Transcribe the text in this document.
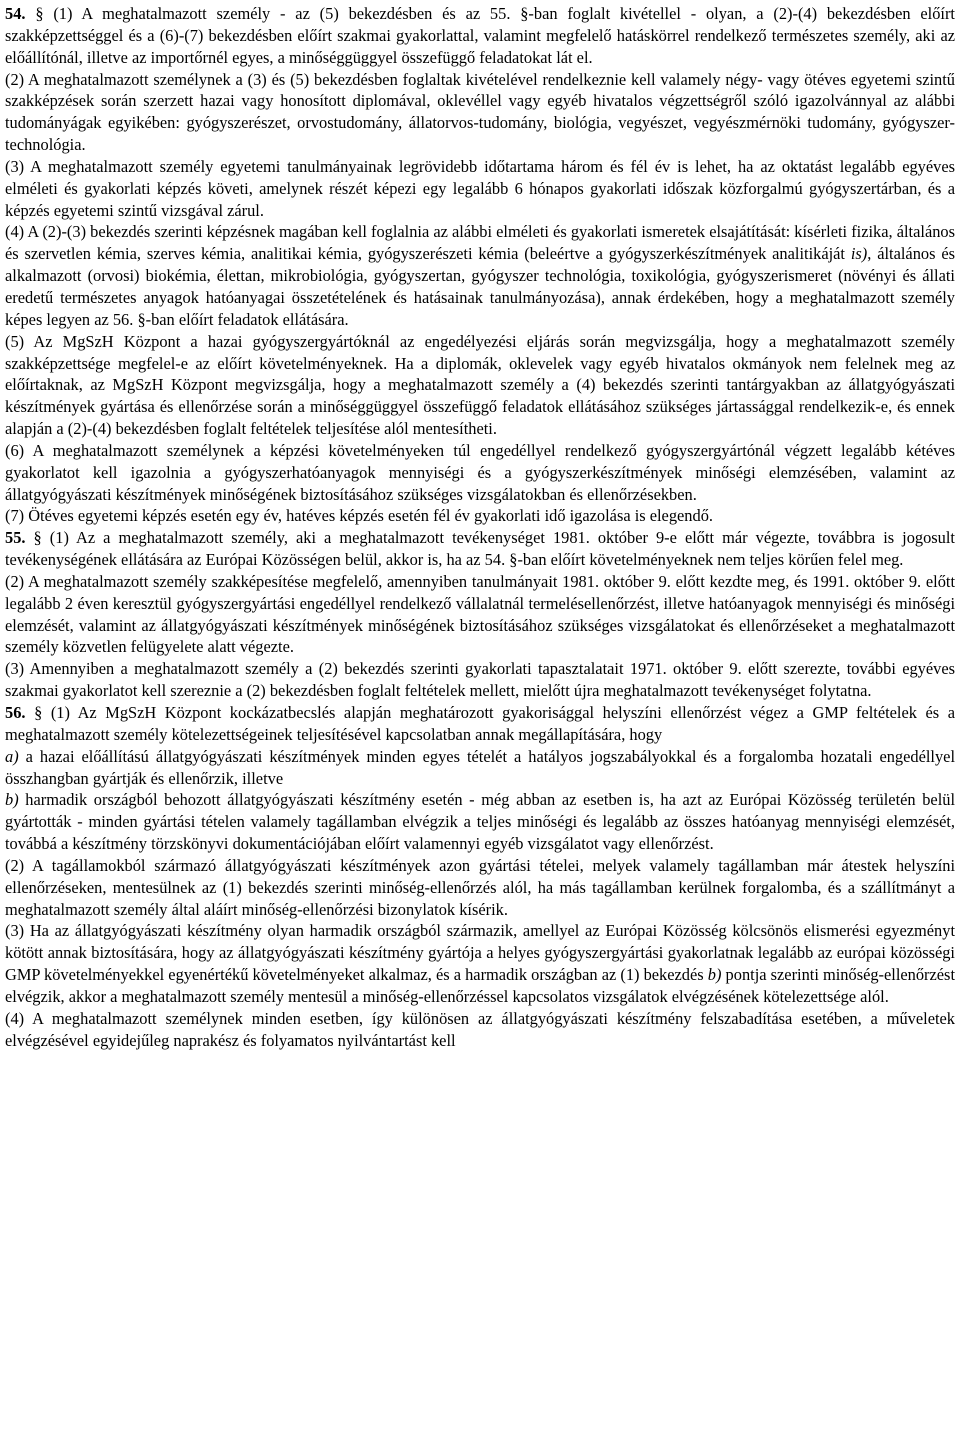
54. § (1) A meghatalmazott személy - az (5) bekezdésben és az 55. §-ban foglalt kivétellel - olyan, a (2)-(4) bekezdésben előírt szakképzettséggel és a (6)-(7) bekezdésben előírt szakmai gyakorlattal, valamint megfelelő hatáskörrel rendelkező természetes személy, aki az előállítónál, illetve az importőrnél egyes, a minőséggüggyel összefüggő feladatokat lát el.

(2) A meghatalmazott személynek a (3) és (5) bekezdésben foglaltak kivételével rendelkeznie kell valamely négy- vagy ötéves egyetemi szintű szakképzések során szerzett hazai vagy honosított diplomával, oklevéllel vagy egyéb hivatalos végzettségről szóló igazolvánnyal az alábbi tudományágak egyikében: gyógyszerészet, orvostudomány, állatorvos-tudomány, biológia, vegyészet, vegyészmérnöki tudomány, gyógyszer-technológia.

(3) A meghatalmazott személy egyetemi tanulmányainak legrövidebb időtartama három és fél év is lehet, ha az oktatást legalább egyéves elméleti és gyakorlati képzés követi, amelynek részét képezi egy legalább 6 hónapos gyakorlati időszak közforgalmú gyógyszertárban, és a képzés egyetemi szintű vizsgával zárul.

(4) A (2)-(3) bekezdés szerinti képzésnek magában kell foglalnia az alábbi elméleti és gyakorlati ismeretek elsajátítását: kísérleti fizika, általános és szervetlen kémia, szerves kémia, analitikai kémia, gyógyszerészeti kémia (beleértve a gyógyszerkészítmények analitikáját is), általános és alkalmazott (orvosi) biokémia, élettan, mikrobiológia, gyógyszertan, gyógyszer technológia, toxikológia, gyógyszerismeret (növényi és állati eredetű természetes anyagok hatóanyagai összetételének és hatásainak tanulmányozása), annak érdekében, hogy a meghatalmazott személy képes legyen az 56. §-ban előírt feladatok ellátására.

(5) Az MgSzH Központ a hazai gyógyszergyártóknál az engedélyezési eljárás során megvizsgálja, hogy a meghatalmazott személy szakképzettsége megfelel-e az előírt követelményeknek. Ha a diplomák, oklevelek vagy egyéb hivatalos okmányok nem felelnek meg az előírtaknak, az MgSzH Központ megvizsgálja, hogy a meghatalmazott személy a (4) bekezdés szerinti tantárgyakban az állatgyógyászati készítmények gyártása és ellenőrzése során a minőséggüggyel összefüggő feladatok ellátásához szükséges jártassággal rendelkezik-e, és ennek alapján a (2)-(4) bekezdésben foglalt feltételek teljesítése alól mentesítheti.

(6) A meghatalmazott személynek a képzési követelményeken túl engedéllyel rendelkező gyógyszergyártónál végzett legalább kétéves gyakorlatot kell igazolnia a gyógyszerhatóanyagok mennyiségi és a gyógyszerkészítmények minőségi elemzésében, valamint az állatgyógyászati készítmények minőségének biztosításához szükséges vizsgálatokban és ellenőrzésekben.

(7) Ötéves egyetemi képzés esetén egy év, hatéves képzés esetén fél év gyakorlati idő igazolása is elegendő.

55. § (1) Az a meghatalmazott személy, aki a meghatalmazott tevékenységet 1981. október 9-e előtt már végezte, továbbra is jogosult tevékenységének ellátására az Európai Közösségen belül, akkor is, ha az 54. §-ban előírt követelményeknek nem teljes körűen felel meg.

(2) A meghatalmazott személy szakképesítése megfelelő, amennyiben tanulmányait 1981. október 9. előtt kezdte meg, és 1991. október 9. előtt legalább 2 éven keresztül gyógyszergyártási engedéllyel rendelkező vállalatnál termelésellenőrzést, illetve hatóanyagok mennyiségi és minőségi elemzését, valamint az állatgyógyászati készítmények minőségének biztosításához szükséges vizsgálatokat és ellenőrzéseket a meghatalmazott személy közvetlen felügyelete alatt végezte.

(3) Amennyiben a meghatalmazott személy a (2) bekezdés szerinti gyakorlati tapasztalatait 1971. október 9. előtt szerezte, további egyéves szakmai gyakorlatot kell szereznie a (2) bekezdésben foglalt feltételek mellett, mielőtt újra meghatalmazott tevékenységet folytatna.

56. § (1) Az MgSzH Központ kockázatbecslés alapján meghatározott gyakorisággal helyszíni ellenőrzést végez a GMP feltételek és a meghatalmazott személy kötelezettségeinek teljesítésével kapcsolatban annak megállapítására, hogy

a) a hazai előállítású állatgyógyászati készítmények minden egyes tételét a hatályos jogszabályokkal és a forgalomba hozatali engedéllyel összhangban gyártják és ellenőrzik, illetve

b) harmadik országból behozott állatgyógyászati készítmény esetén - még abban az esetben is, ha azt az Európai Közösség területén belül gyártották - minden gyártási tételen valamely tagállamban elvégzik a teljes minőségi és legalább az összes hatóanyag mennyiségi elemzését, továbbá a készítmény törzskönyvi dokumentációjában előírt valamennyi egyéb vizsgálatot vagy ellenőrzést.

(2) A tagállamokból származó állatgyógyászati készítmények azon gyártási tételei, melyek valamely tagállamban már átestek helyszíni ellenőrzéseken, mentesülnek az (1) bekezdés szerinti minőség-ellenőrzés alól, ha más tagállamban kerülnek forgalomba, és a szállítmányt a meghatalmazott személy által aláírt minőség-ellenőrzési bizonylatok kísérik.

(3) Ha az állatgyógyászati készítmény olyan harmadik országból származik, amellyel az Európai Közösség kölcsönös elismerési egyezményt kötött annak biztosítására, hogy az állatgyógyászati készítmény gyártója a helyes gyógyszergyártási gyakorlatnak legalább az európai közösségi GMP követelményekkel egyenértékű követelményeket alkalmaz, és a harmadik országban az (1) bekezdés b) pontja szerinti minőség-ellenőrzést elvégzik, akkor a meghatalmazott személy mentesül a minőség-ellenőrzéssel kapcsolatos vizsgálatok elvégzésének kötelezettsége alól.

(4) A meghatalmazott személynek minden esetben, így különösen az állatgyógyászati készítmény felszabadítása esetében, a műveletek elvégzésével egyidejűleg naprakész és folyamatos nyilvántartást kell
